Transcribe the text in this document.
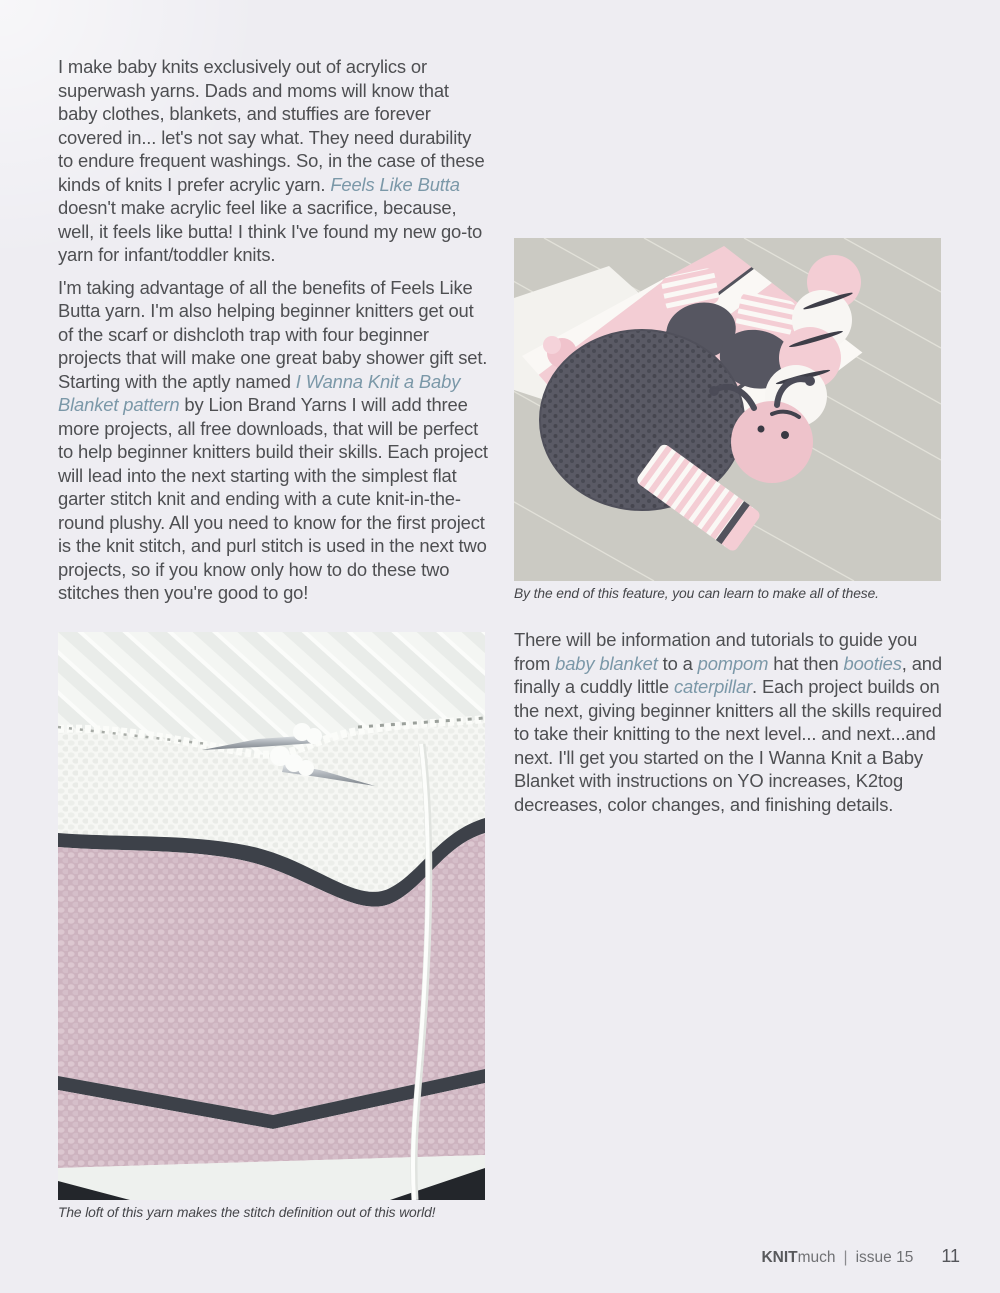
I make baby knits exclusively out of acrylics or superwash yarns. Dads and moms will know that baby clothes, blankets, and stuffies are forever covered in... let's not say what. They need durability to endure frequent washings. So, in the case of these kinds of knits I prefer acrylic yarn. Feels Like Butta doesn't make acrylic feel like a sacrifice, because, well, it feels like butta! I think I've found my new go-to yarn for infant/toddler knits.

I'm taking advantage of all the benefits of Feels Like Butta yarn. I'm also helping beginner knitters get out of the scarf or dishcloth trap with four beginner projects that will make one great baby shower gift set. Starting with the aptly named I Wanna Knit a Baby Blanket pattern by Lion Brand Yarns I will add three more projects, all free downloads, that will be perfect to help beginner knitters build their skills. Each project will lead into the next starting with the simplest flat garter stitch knit and ending with a cute knit-in-the-round plushy. All you need to know for the first project is the knit stitch, and purl stitch is used in the next two projects, so if you know only how to do these two stitches then you're good to go!	By the end of this feature, you can learn to make all of these.

There will be information and tutorials to guide you from baby blanket to a pompom hat then booties, and finally a cuddly little caterpillar. Each project builds on the next, giving beginner knitters all the skills required to take their knitting to the next level... and next...and next. I'll get you started on the I Wanna Knit a Baby Blanket with instructions on YO increases, K2tog decreases, color changes, and finishing details.

The loft of this yarn makes the stitch definition out of this world!
KNITmuch | issue 15 11
